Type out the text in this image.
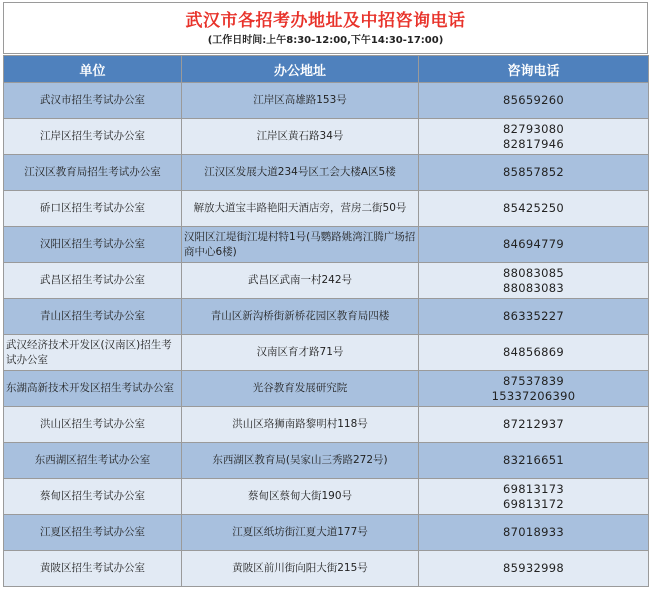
武汉市各招考办地址及中招咨询电话
(工作日时间:上午8:30-12:00,下午14:30-17:00)
单位	办公地址	咨询电话
武汉市招生考试办公室	江岸区高雄路153号	85659260

江岸区招生考试办公室	江岸区黄石路34号	82793080
82817946

江汉区教育局招生考试办公室	江汉区发展大道234号区工会大楼A区5楼	85857852

硚口区招生考试办公室	解放大道宝丰路艳阳天酒店旁，营房二街50号	85425250

汉阳区招生考试办公室	汉阳区江堤街江堤村特1号(马鹦路姚湾江腾广场招商中心6楼)	84694779

武昌区招生考试办公室	武昌区武南一村242号	88083085
88083083

青山区招生考试办公室	青山区新沟桥街新桥花园区教育局四楼	86335227

武汉经济技术开发区(汉南区)招生考试办公室	汉南区育才路71号	84856869

东湖高新技术开发区招生考试办公室	光谷教育发展研究院	87537839
15337206390

洪山区招生考试办公室	洪山区珞狮南路黎明村118号	87212937

东西湖区招生考试办公室	东西湖区教育局(吴家山三秀路272号)	83216651

蔡甸区招生考试办公室	蔡甸区蔡甸大街190号	69813173
69813172

江夏区招生考试办公室	江夏区纸坊街江夏大道177号	87018933

黄陂区招生考试办公室	黄陂区前川街向阳大街215号	85932998
